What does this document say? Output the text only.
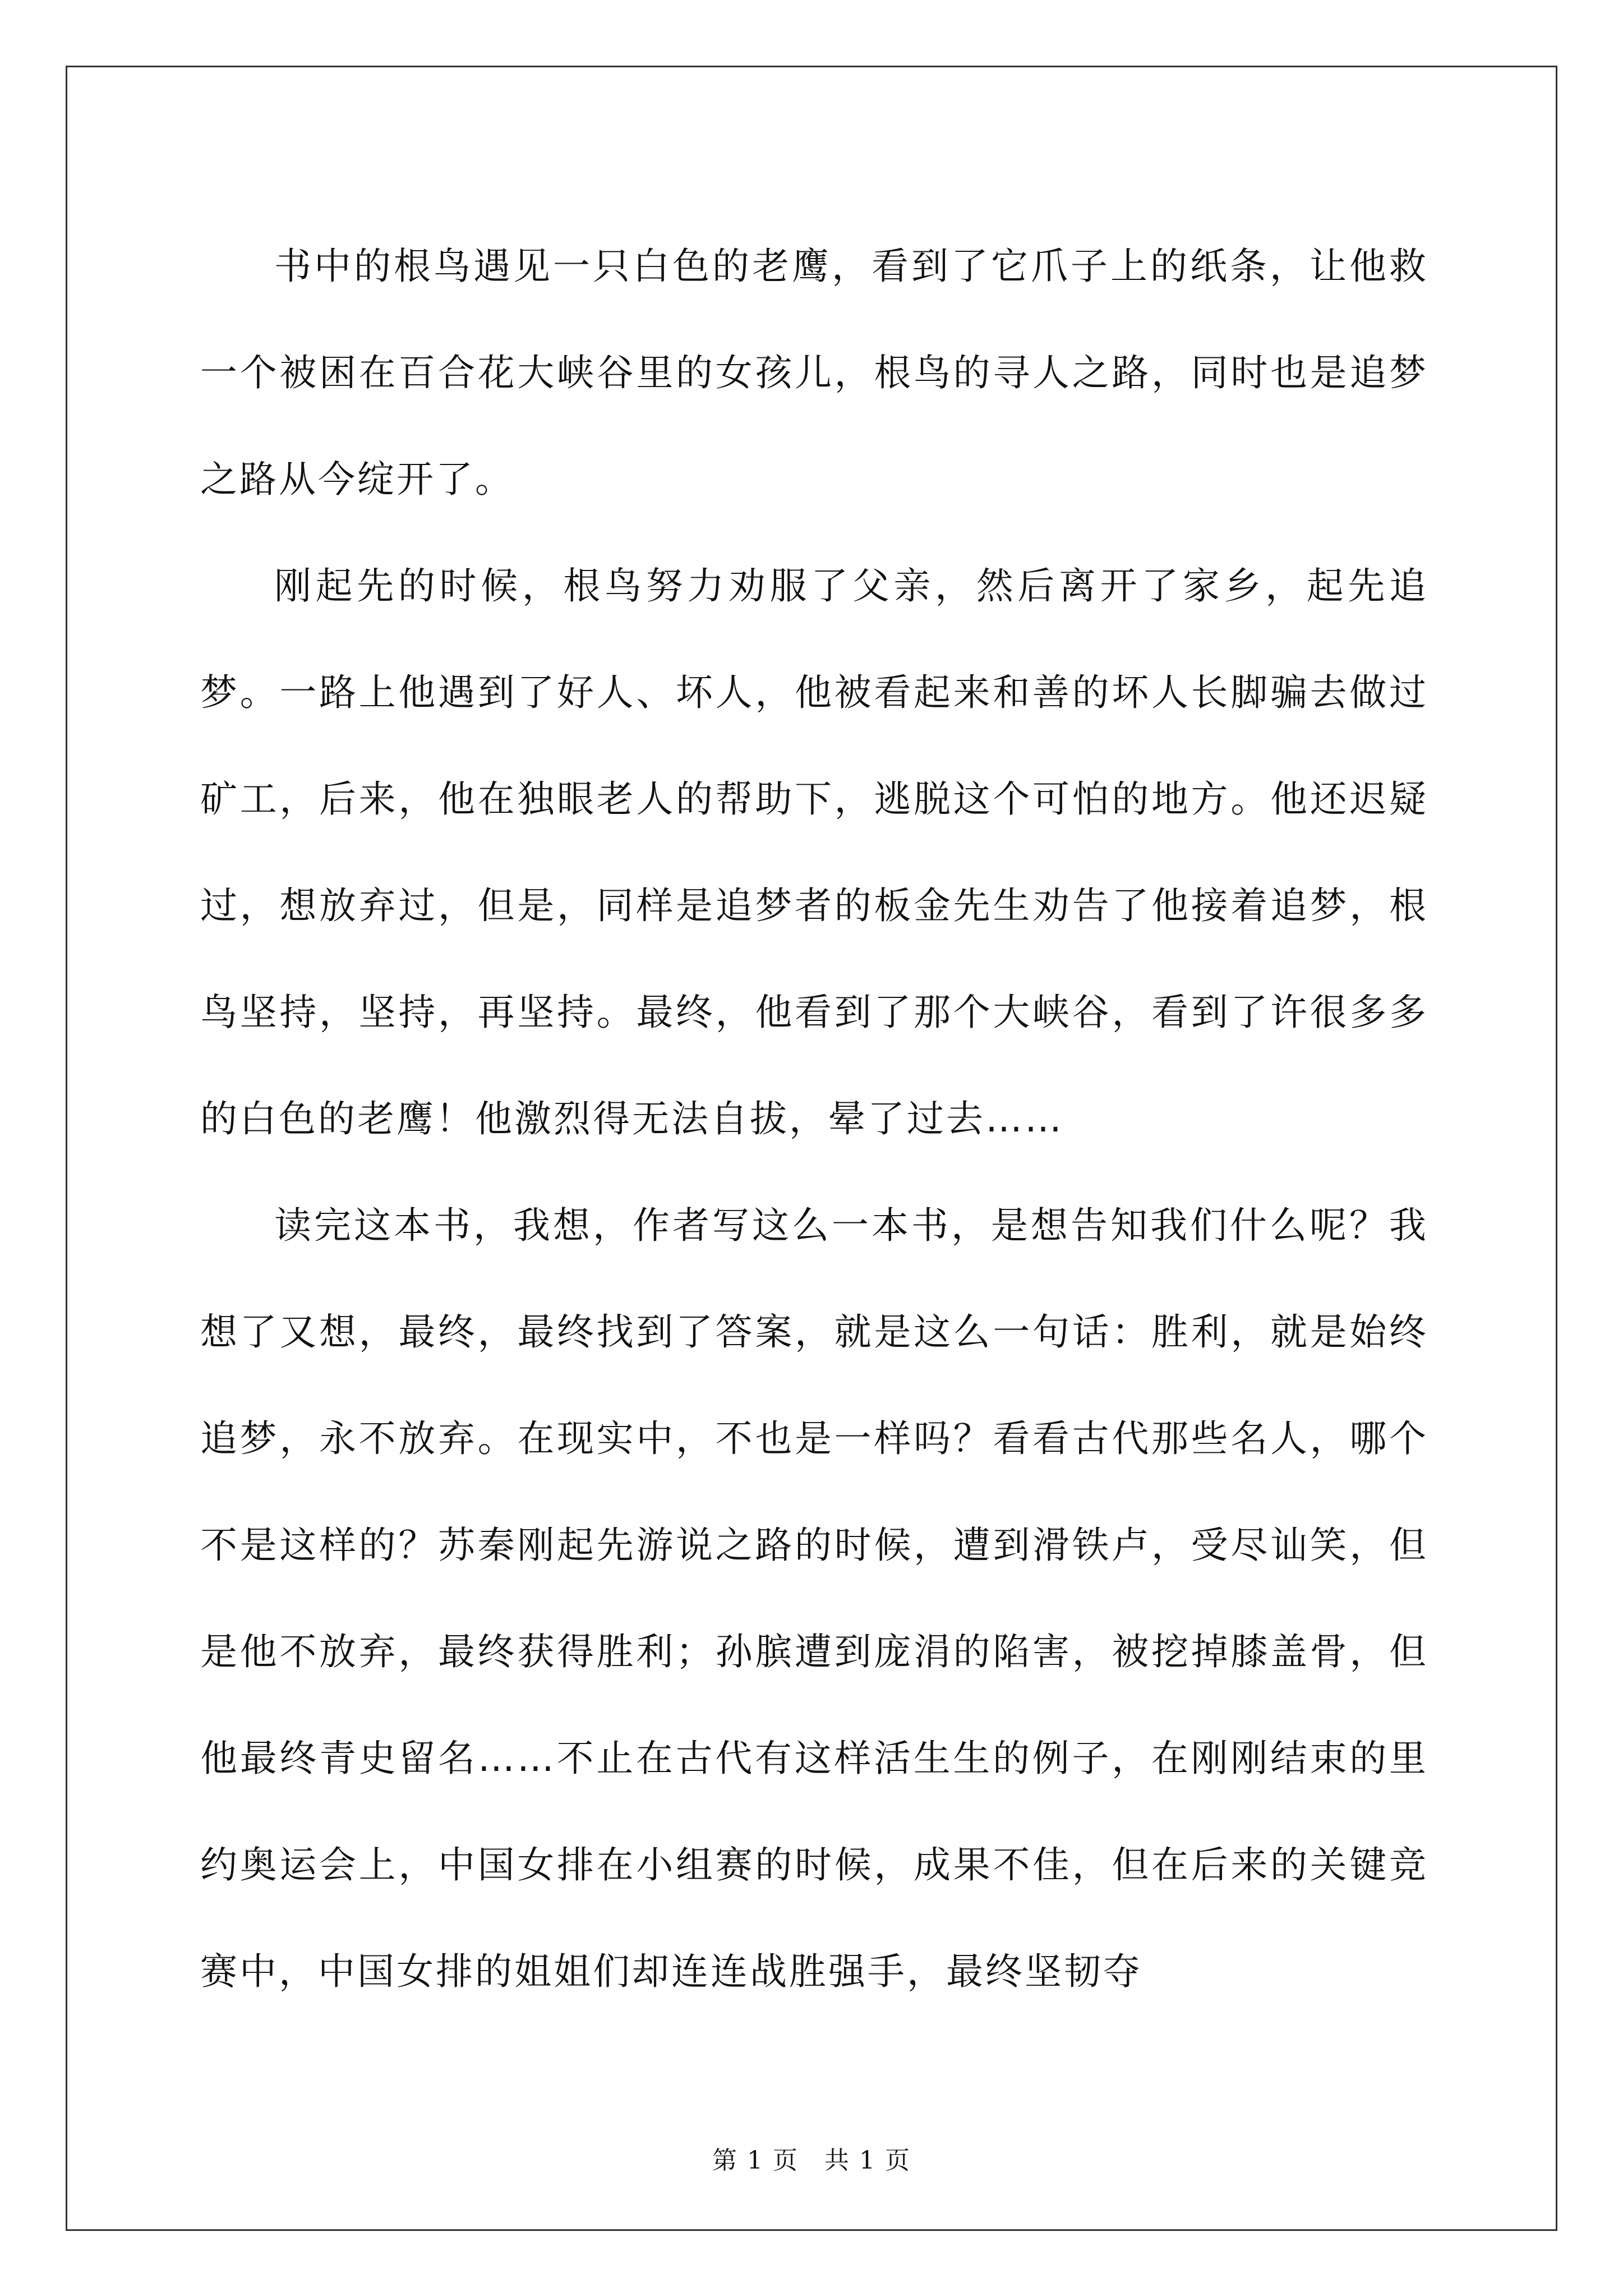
书中的根鸟遇见一只白色的老鹰，看到了它爪子上的纸条，让他救一个被困在百合花大峡谷里的女孩儿，根鸟的寻人之路，同时也是追梦之路从今绽开了。

刚起先的时候，根鸟努力劝服了父亲，然后离开了家乡，起先追梦。一路上他遇到了好人、坏人，他被看起来和善的坏人长脚骗去做过矿工，后来，他在独眼老人的帮助下，逃脱这个可怕的地方。他还迟疑过，想放弃过，但是，同样是追梦者的板金先生劝告了他接着追梦，根鸟坚持，坚持，再坚持。最终，他看到了那个大峡谷，看到了许很多多的白色的老鹰！他激烈得无法自拔，晕了过去……

读完这本书，我想，作者写这么一本书，是想告知我们什么呢？我想了又想，最终，最终找到了答案，就是这么一句话：胜利，就是始终追梦，永不放弃。在现实中，不也是一样吗？看看古代那些名人，哪个不是这样的？苏秦刚起先游说之路的时候，遭到滑铁卢，受尽讪笑，但是他不放弃，最终获得胜利；孙膑遭到庞涓的陷害，被挖掉膝盖骨，但他最终青史留名……不止在古代有这样活生生的例子，在刚刚结束的里约奥运会上，中国女排在小组赛的时候，成果不佳，但在后来的关键竞赛中，中国女排的姐姐们却连连战胜强手，最终坚韧夺

第 1 页　共 1 页
